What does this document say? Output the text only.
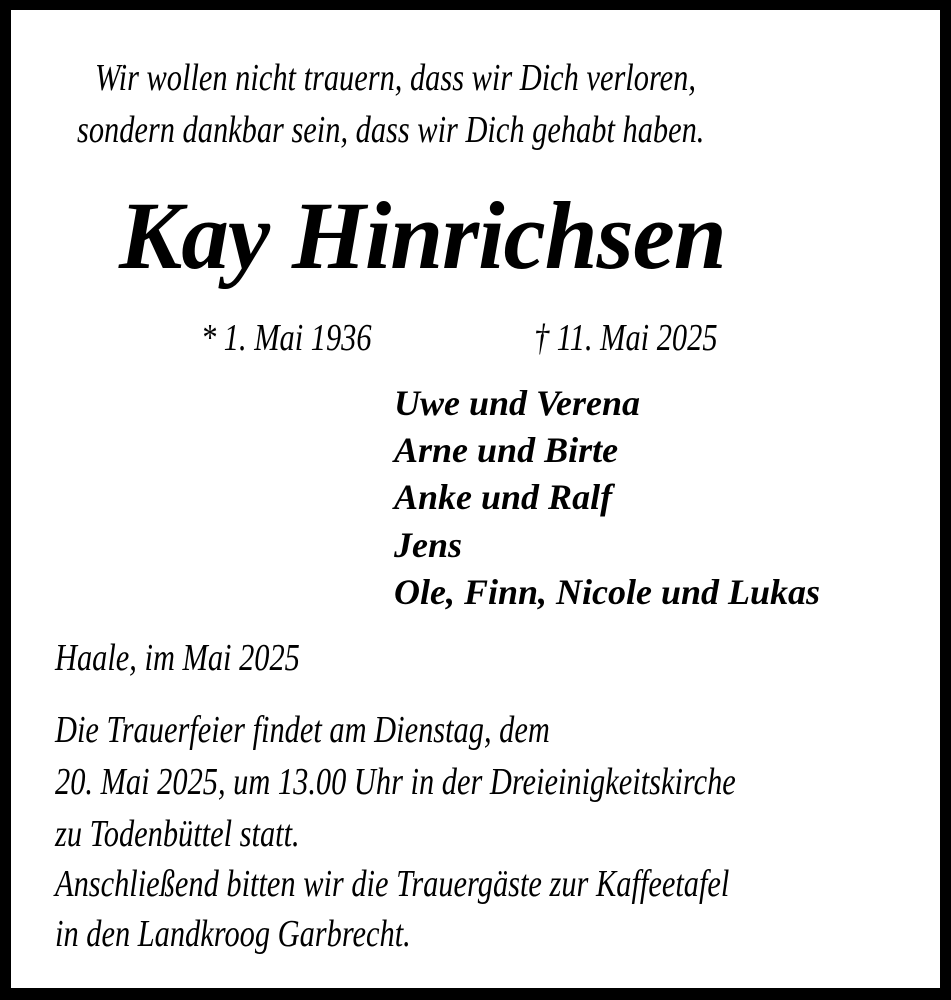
Wir wollen nicht trauern, dass wir Dich verloren,
sondern dankbar sein, dass wir Dich gehabt haben.
Kay Hinrichsen
* 1. Mai 1936	† 11. Mai 2025
Uwe und Verena
Arne und Birte
Anke und Ralf
Jens
Ole, Finn, Nicole und Lukas
Haale, im Mai 2025
Die Trauerfeier findet am Dienstag, dem
20. Mai 2025, um 13.00 Uhr in der Dreieinigkeitskirche
zu Todenbüttel statt.
Anschließend bitten wir die Trauergäste zur Kaffeetafel
in den Landkroog Garbrecht.
